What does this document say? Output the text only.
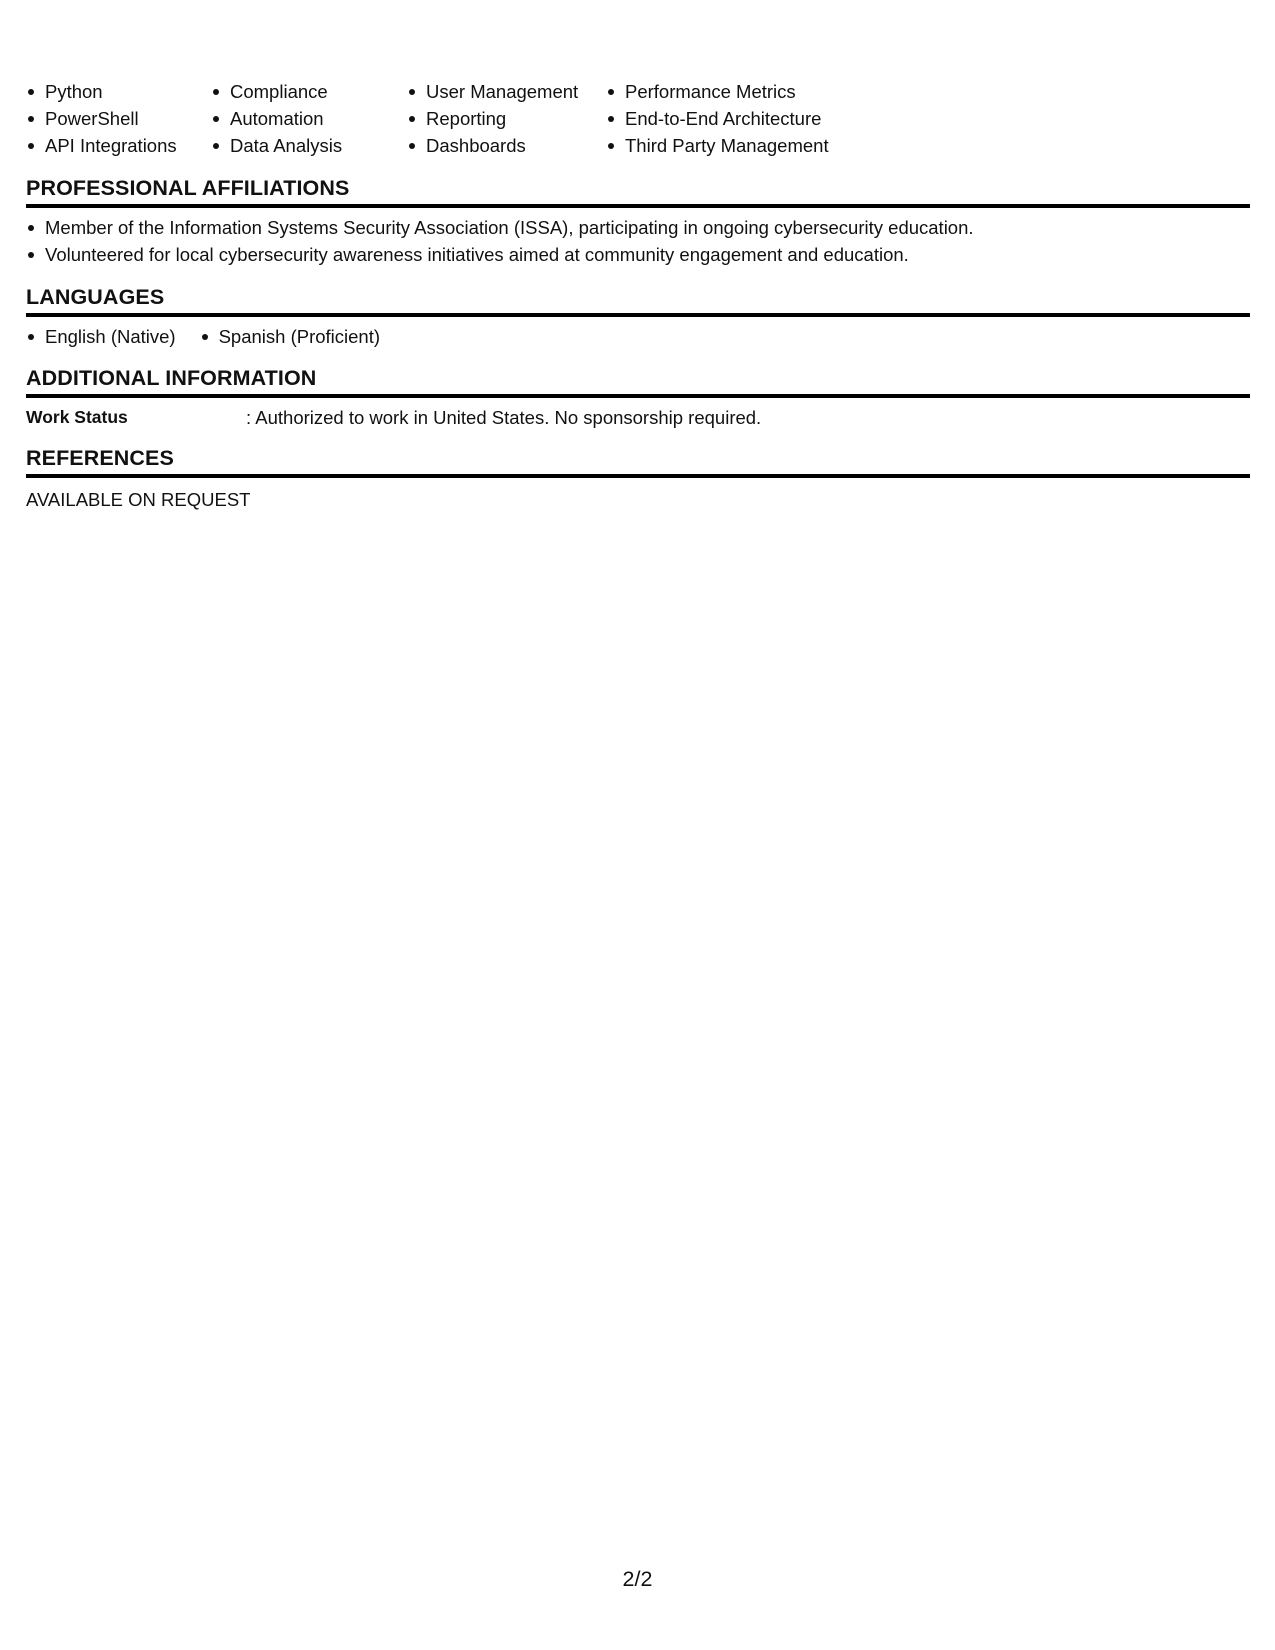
Python
PowerShell
API Integrations
Compliance
Automation
Data Analysis
User Management
Reporting
Dashboards
Performance Metrics
End-to-End Architecture
Third Party Management
PROFESSIONAL AFFILIATIONS
Member of the Information Systems Security Association (ISSA), participating in ongoing cybersecurity education.
Volunteered for local cybersecurity awareness initiatives aimed at community engagement and education.
LANGUAGES
English (Native)	Spanish (Proficient)
ADDITIONAL INFORMATION
Work Status	: Authorized to work in United States. No sponsorship required.
REFERENCES
AVAILABLE ON REQUEST
2/2
